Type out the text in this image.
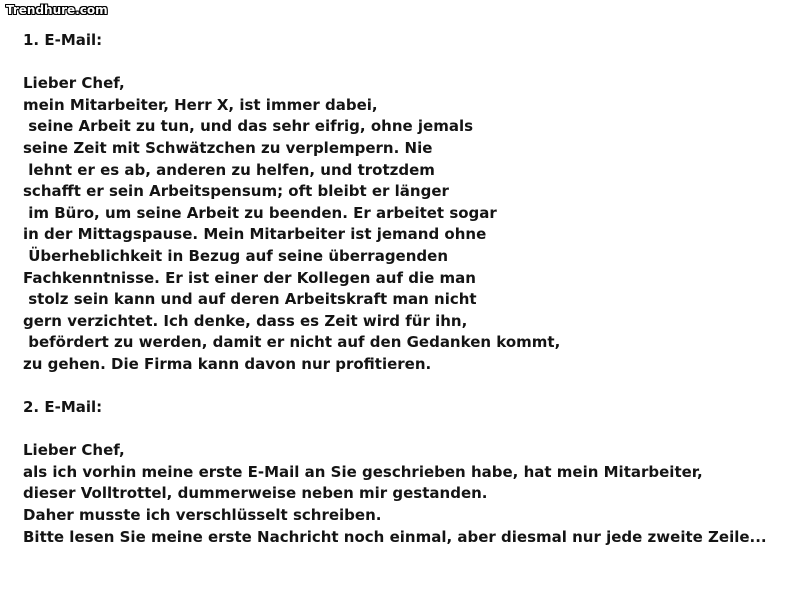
Trendhure.com
1. E-Mail:
Lieber Chef,
mein Mitarbeiter, Herr X, ist immer dabei,
seine Arbeit zu tun, und das sehr eifrig, ohne jemals
seine Zeit mit Schwätzchen zu verplempern. Nie
lehnt er es ab, anderen zu helfen, und trotzdem
schafft er sein Arbeitspensum; oft bleibt er länger
im Büro, um seine Arbeit zu beenden. Er arbeitet sogar
in der Mittagspause. Mein Mitarbeiter ist jemand ohne
Überheblichkeit in Bezug auf seine überragenden
Fachkenntnisse. Er ist einer der Kollegen auf die man
stolz sein kann und auf deren Arbeitskraft man nicht
gern verzichtet. Ich denke, dass es Zeit wird für ihn,
befördert zu werden, damit er nicht auf den Gedanken kommt,
zu gehen. Die Firma kann davon nur profitieren.
2. E-Mail:
Lieber Chef,
als ich vorhin meine erste E-Mail an Sie geschrieben habe, hat mein Mitarbeiter,
dieser Volltrottel, dummerweise neben mir gestanden.
Daher musste ich verschlüsselt schreiben.
Bitte lesen Sie meine erste Nachricht noch einmal, aber diesmal nur jede zweite Zeile...
